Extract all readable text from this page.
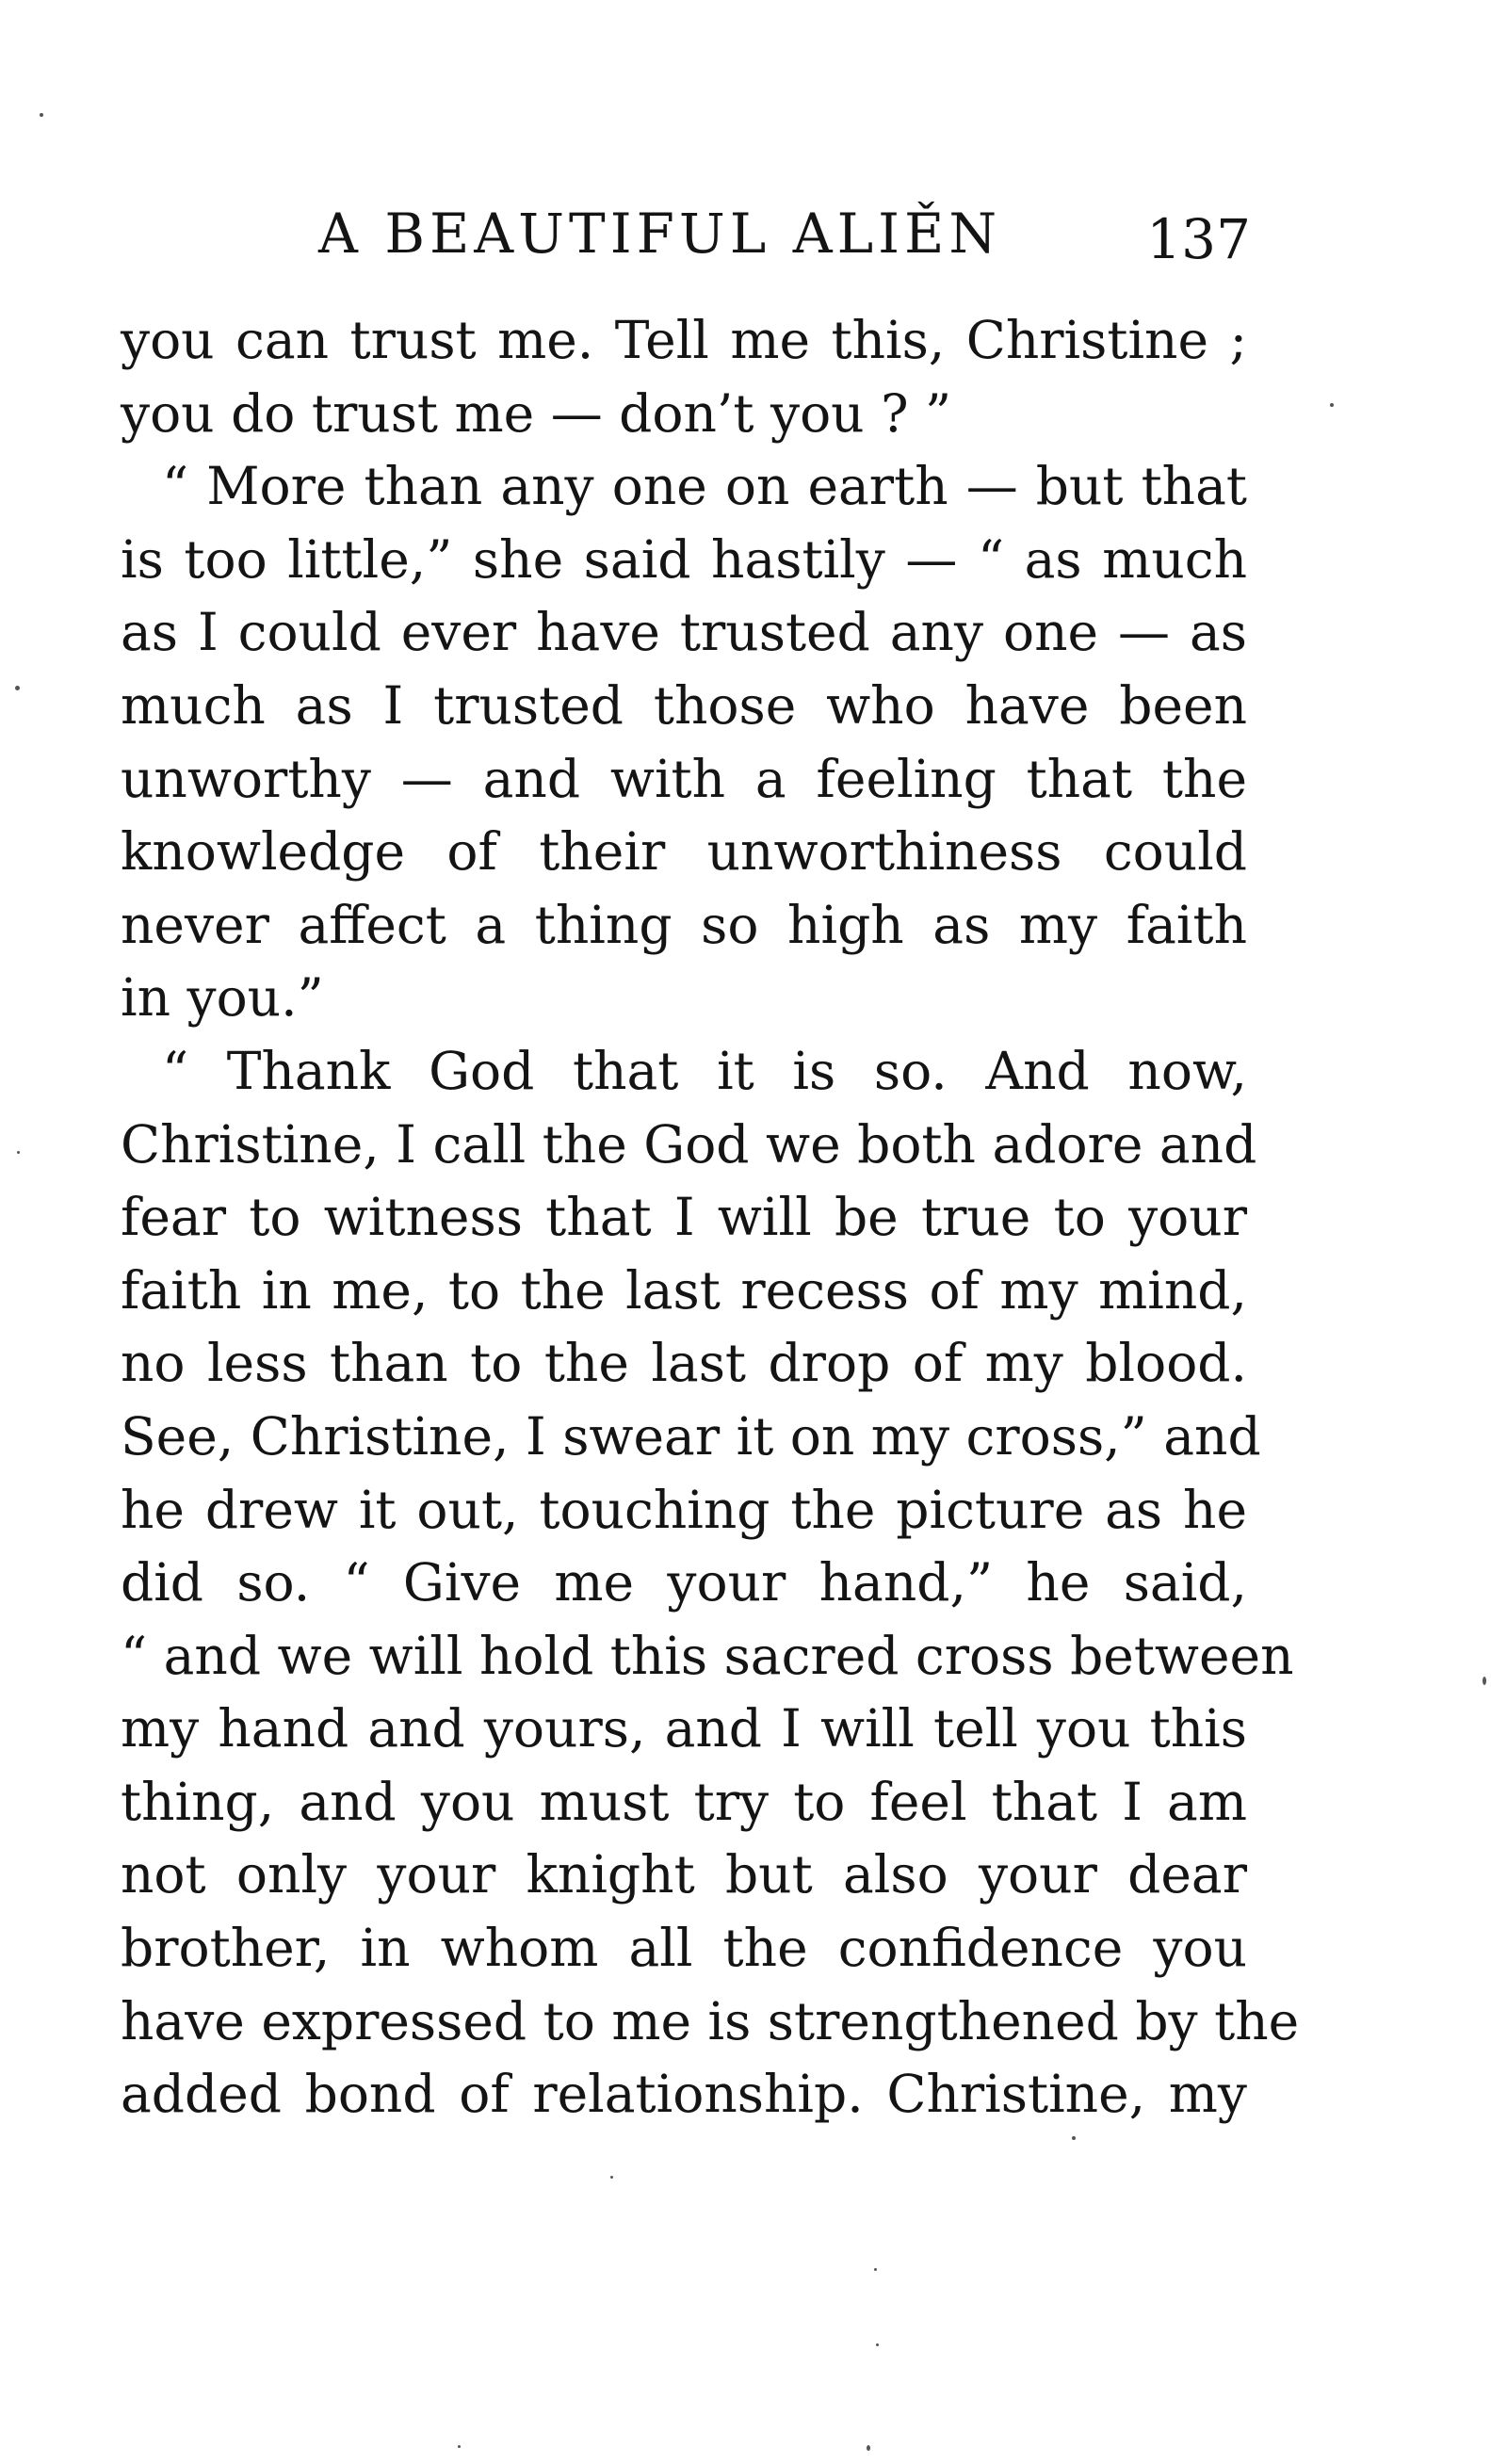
A BEAUTIFUL ALIĚN	137
you can trust me. Tell me this, Christine ;
you do trust me — don’t you ? ”
“ More than any one on earth — but that
is too little,” she said hastily — “ as much
as I could ever have trusted any one — as
much as I trusted those who have been
unworthy — and with a feeling that the
knowledge of their unworthiness could
never affect a thing so high as my faith
in you.”
“ Thank God that it is so. And now,
Christine, I call the God we both adore and
fear to witness that I will be true to your
faith in me, to the last recess of my mind,
no less than to the last drop of my blood.
See, Christine, I swear it on my cross,” and
he drew it out, touching the picture as he
did so. “ Give me your hand,” he said,
“ and we will hold this sacred cross between
my hand and yours, and I will tell you this
thing, and you must try to feel that I am
not only your knight but also your dear
brother, in whom all the confidence you
have expressed to me is strengthened by the
added bond of relationship. Christine, my
